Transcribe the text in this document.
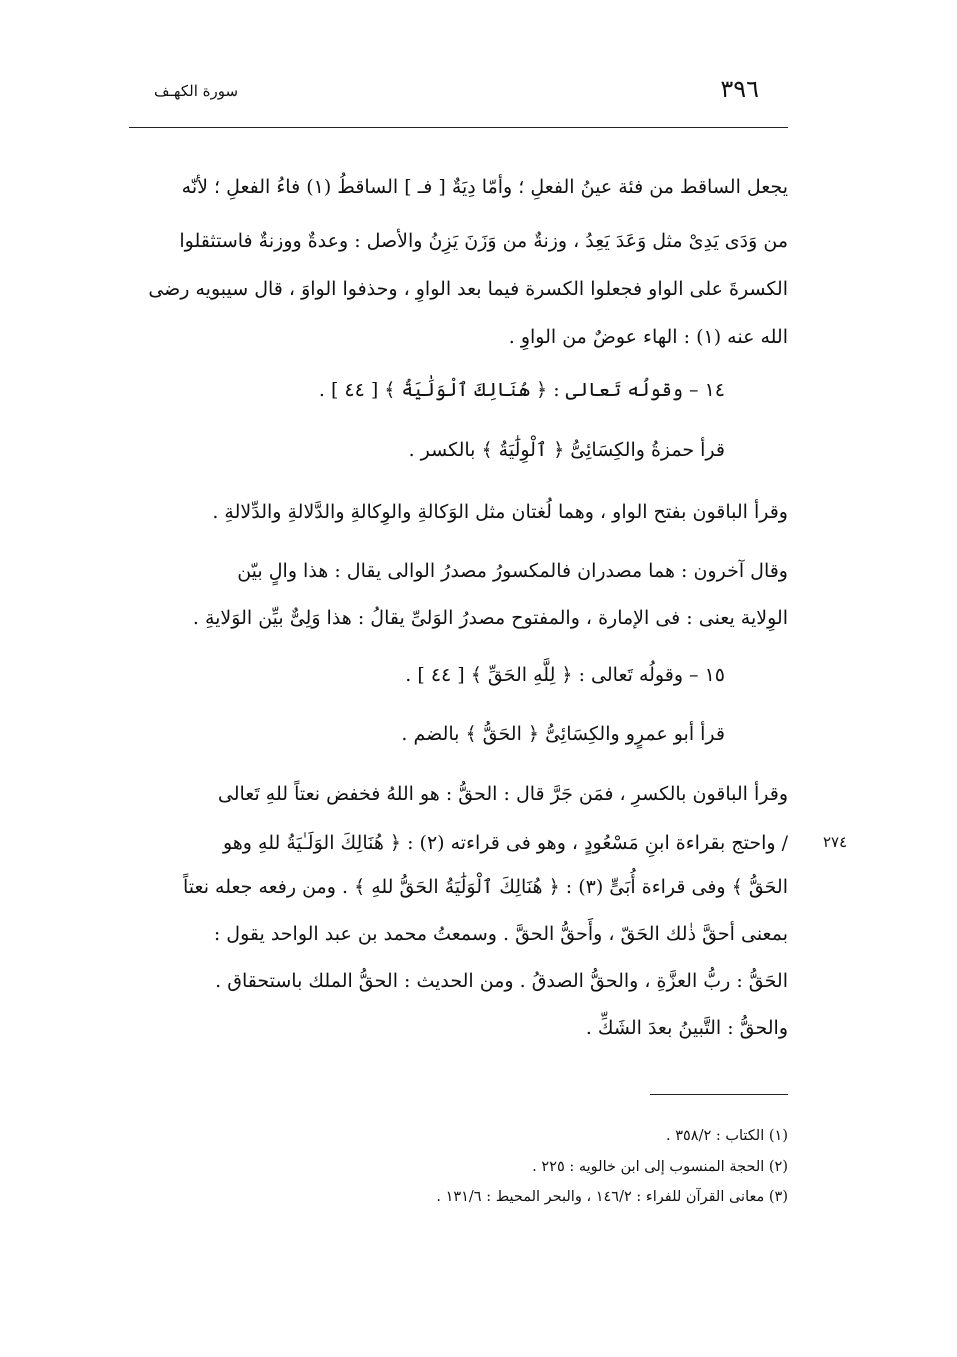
٣٩٦
سورة الكهـف
يجعل الساقط من فئة عينُ الفعلِ ؛ وأمّا دِيَةٌ [ فـ ] الساقطُ (١) فاءُ الفعلِ ؛ لأنّه
من وَدَى يَدِىْ مثل وَعَدَ يَعِدُ ، وزنةٌ من وَزَنَ يَزِنُ والأصل : وعدةٌ ووزنةٌ فاستثقلوا
الكسرةَ على الواو فجعلوا الكسرة فيما بعد الواوِ ، وحذفوا الواوَ ، قال سيبويه رضى
الله عنه (١) : الهاء عوضٌ من الواوِ .
١٤ – وقولُه تَعالى : ﴿ هُنَالِكَ ٱلْوَلَٰيَةُ ﴾ [ ٤٤ ] .
قرأ حمزةُ والكِسَائِىُّ ﴿ ٱلْوِلَٰيَةُ ﴾ بالكسر .
وقرأ الباقون بفتح الواو ، وهما لُغتان مثل الوَكالةِ والوِكالةِ والدَّلالةِ والدِّلالةِ .
وقال آخرون : هما مصدران فالمكسورُ مصدرُ الوالى يقال : هذا والٍ بيّن
الوِلاية يعنى : فى الإمارة ، والمفتوح مصدرُ الوَلىِّ يقالُ : هذا وَلِىٌّ بيِّن الوَلايةِ .
١٥ – وقولُه تَعالى : ﴿ لِلَّهِ الحَقِّ ﴾ [ ٤٤ ] .
قرأ أبو عمرٍو والكِسَائِىُّ ﴿ الحَقُّ ﴾ بالضم .
وقرأ الباقون بالكسرِ ، فمَن جَرَّ قال : الحقُّ : هو اللهُ فخفض نعتاً للهِ تَعالى
/ واحتج بقراءة ابنِ مَسْعُودٍ ، وهو فى قراءته (٢) : ﴿ هُنَالِكَ الوَلَـٰيَةُ للهِ وهو
الحَقُّ ﴾ وفى قراءة أُبَىٍّ (٣) : ﴿ هُنَالِكَ ٱلْوَلَٰيَةُ الحَقُّ للهِ ﴾ . ومن رفعه جعله نعتاً
بمعنى أحقَّ ذٰلك الحَقّ ، وأَحقُّ الحقَّ . وسمعتُ محمد بن عبد الواحد يقول :
الحَقُّ : ربُّ العزَّةِ ، والحقُّ الصدقُ . ومن الحديث : الحقُّ الملك باستحقاق .
والحقُّ : التَّبينُ بعدَ الشَكِّ .
٢٧٤
(١) الكتاب : ٣٥٨/٢ .
(٢) الحجة المنسوب إلى ابن خالويه : ٢٢٥ .
(٣) معانى القرآن للفراء : ١٤٦/٢ ، والبحر المحيط : ١٣١/٦ .
